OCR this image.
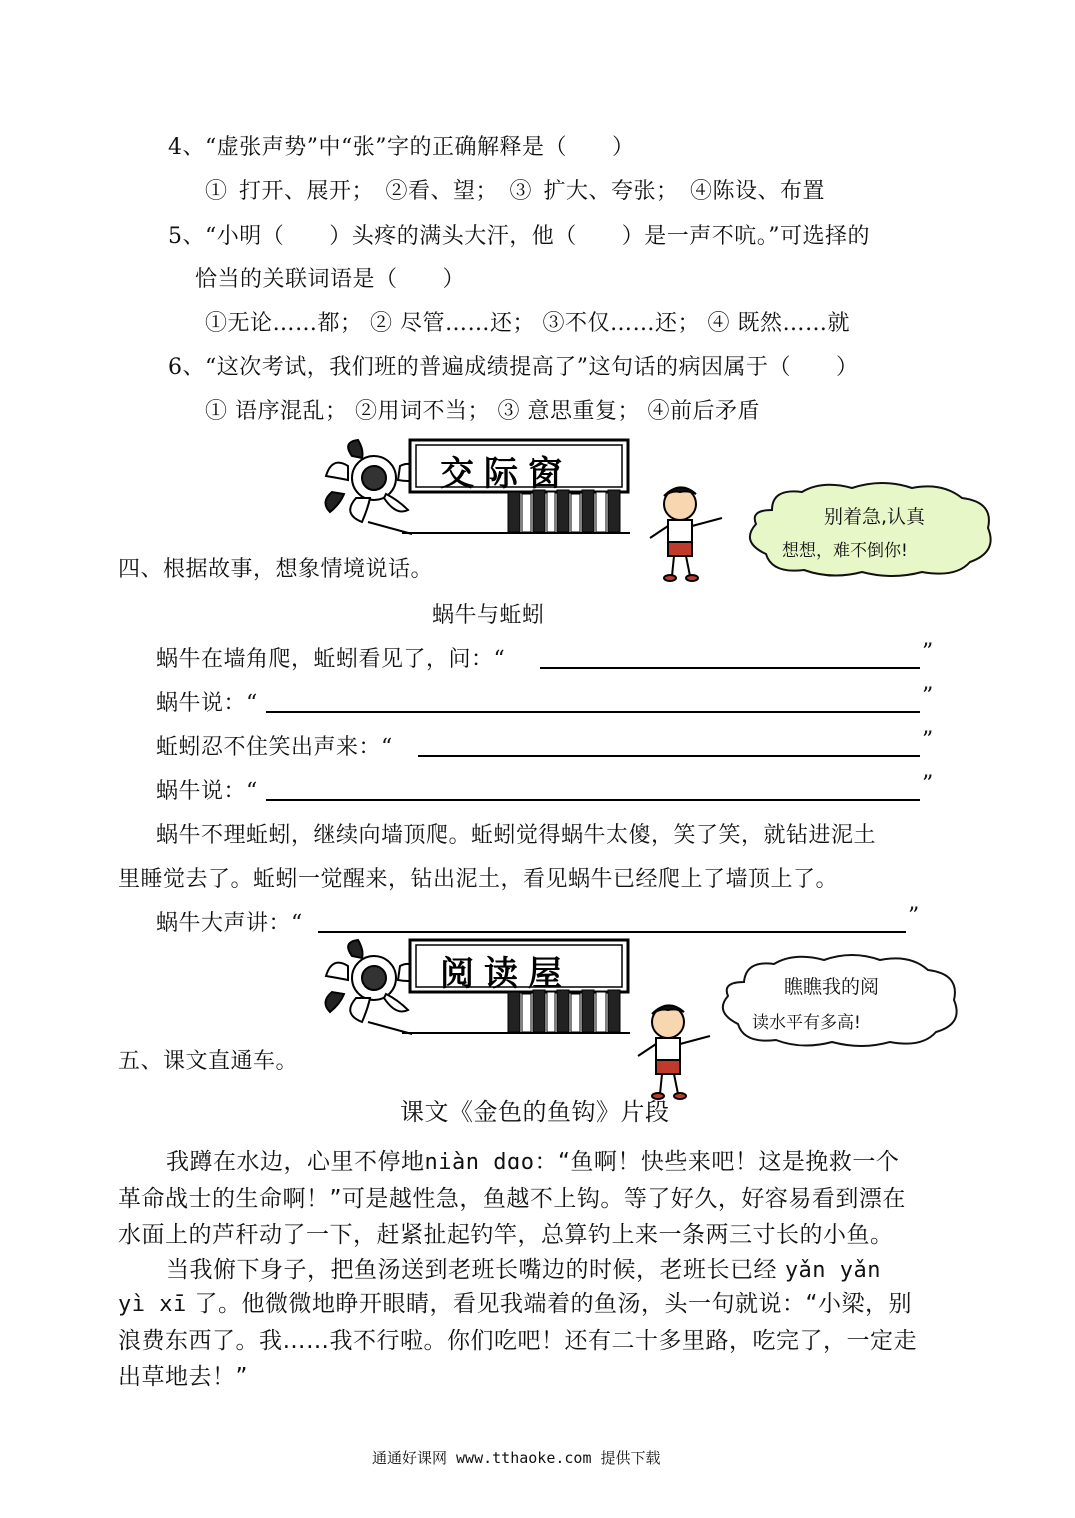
4、“虚张声势”中“张”字的正确解释是（　　）
① 打开、展开； ②看、望； ③ 扩大、夸张； ④陈设、布置
5、“小明（　　）头疼的满头大汗，他（　　）是一声不吭。”可选择的
恰当的关联词语是（　　）
①无论……都； ② 尽管……还； ③不仅……还； ④ 既然……就
6、“这次考试，我们班的普遍成绩提高了”这句话的病因属于（　　）
① 语序混乱； ②用词不当； ③ 意思重复； ④前后矛盾
交际窗
别着急,认真
想想，难不倒你!
四、根据故事，想象情境说话。
蜗牛与蚯蚓
蜗牛在墙角爬，蚯蚓看见了，问：“	”
蜗牛说：“	”
蚯蚓忍不住笑出声来：“	”
蜗牛说：“	”
蜗牛不理蚯蚓，继续向墙顶爬。蚯蚓觉得蜗牛太傻，笑了笑，就钻进泥土
里睡觉去了。蚯蚓一觉醒来，钻出泥土，看见蜗牛已经爬上了墙顶上了。
蜗牛大声讲：“	”
阅读屋	瞧瞧我的阅
读水平有多高!
五、课文直通车。
课文《金色的鱼钩》片段
我蹲在水边，心里不停地niàn dɑo：“鱼啊！快些来吧！这是挽救一个
革命战士的生命啊！”可是越性急，鱼越不上钩。等了好久，好容易看到漂在
水面上的芦秆动了一下，赶紧扯起钓竿，总算钓上来一条两三寸长的小鱼。
当我俯下身子，把鱼汤送到老班长嘴边的时候，老班长已经 yǎn yǎn
yì xī 了。他微微地睁开眼睛，看见我端着的鱼汤，头一句就说：“小梁，别
浪费东西了。我……我不行啦。你们吃吧！还有二十多里路，吃完了，一定走
出草地去！”
通通好课网 www.tthaoke.com 提供下载
